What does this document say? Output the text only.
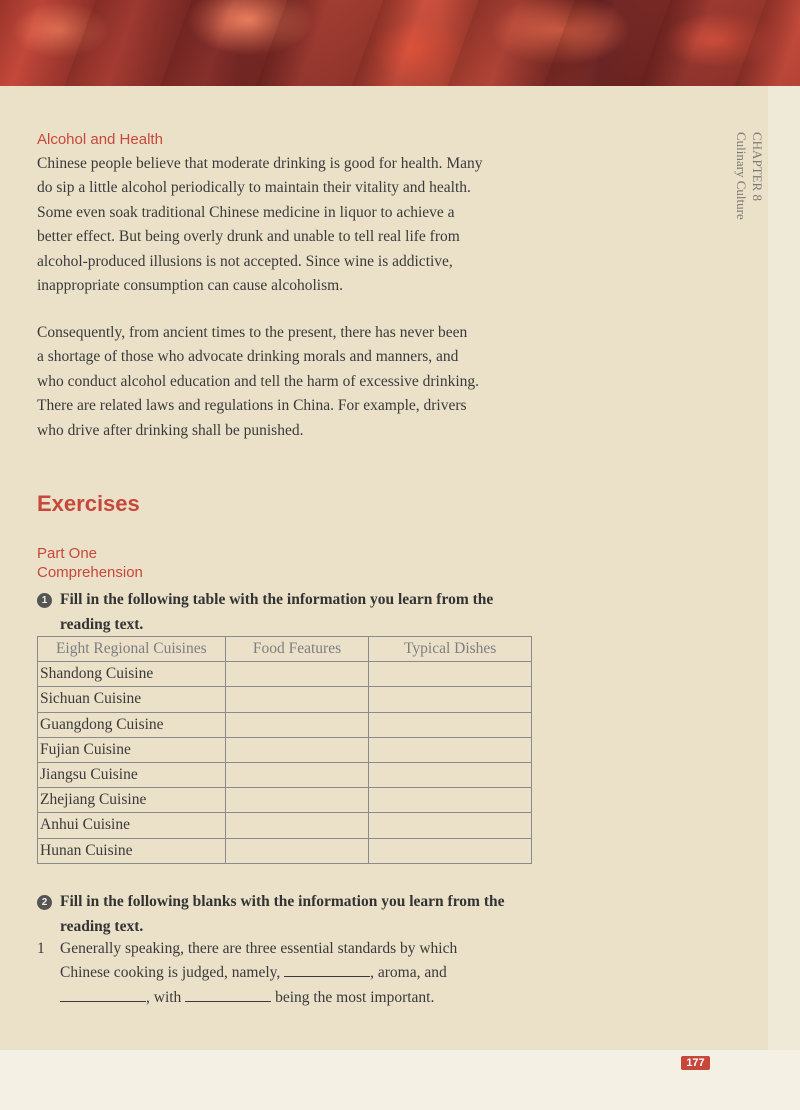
CHAPTER 8
Culinary Culture
Alcohol and Health
Chinese people believe that moderate drinking is good for health. Many
do sip a little alcohol periodically to maintain their vitality and health.
Some even soak traditional Chinese medicine in liquor to achieve a
better effect. But being overly drunk and unable to tell real life from
alcohol-produced illusions is not accepted. Since wine is addictive,
inappropriate consumption can cause alcoholism.
Consequently, from ancient times to the present, there has never been
a shortage of those who advocate drinking morals and manners, and
who conduct alcohol education and tell the harm of excessive drinking.
There are related laws and regulations in China. For example, drivers
who drive after drinking shall be punished.
Exercises
Part One
Comprehension
1 Fill in the following table with the information you learn from the
reading text.
Eight Regional Cuisines	Food Features	Typical Dishes
Shandong Cuisine		
Sichuan Cuisine		
Guangdong Cuisine		
Fujian Cuisine		
Jiangsu Cuisine		
Zhejiang Cuisine		
Anhui Cuisine		
Hunan Cuisine		
2 Fill in the following blanks with the information you learn from the
reading text.
1 Generally speaking, there are three essential standards by which
Chinese cooking is judged, namely,	, aroma, and
, with	being the most important.
177
